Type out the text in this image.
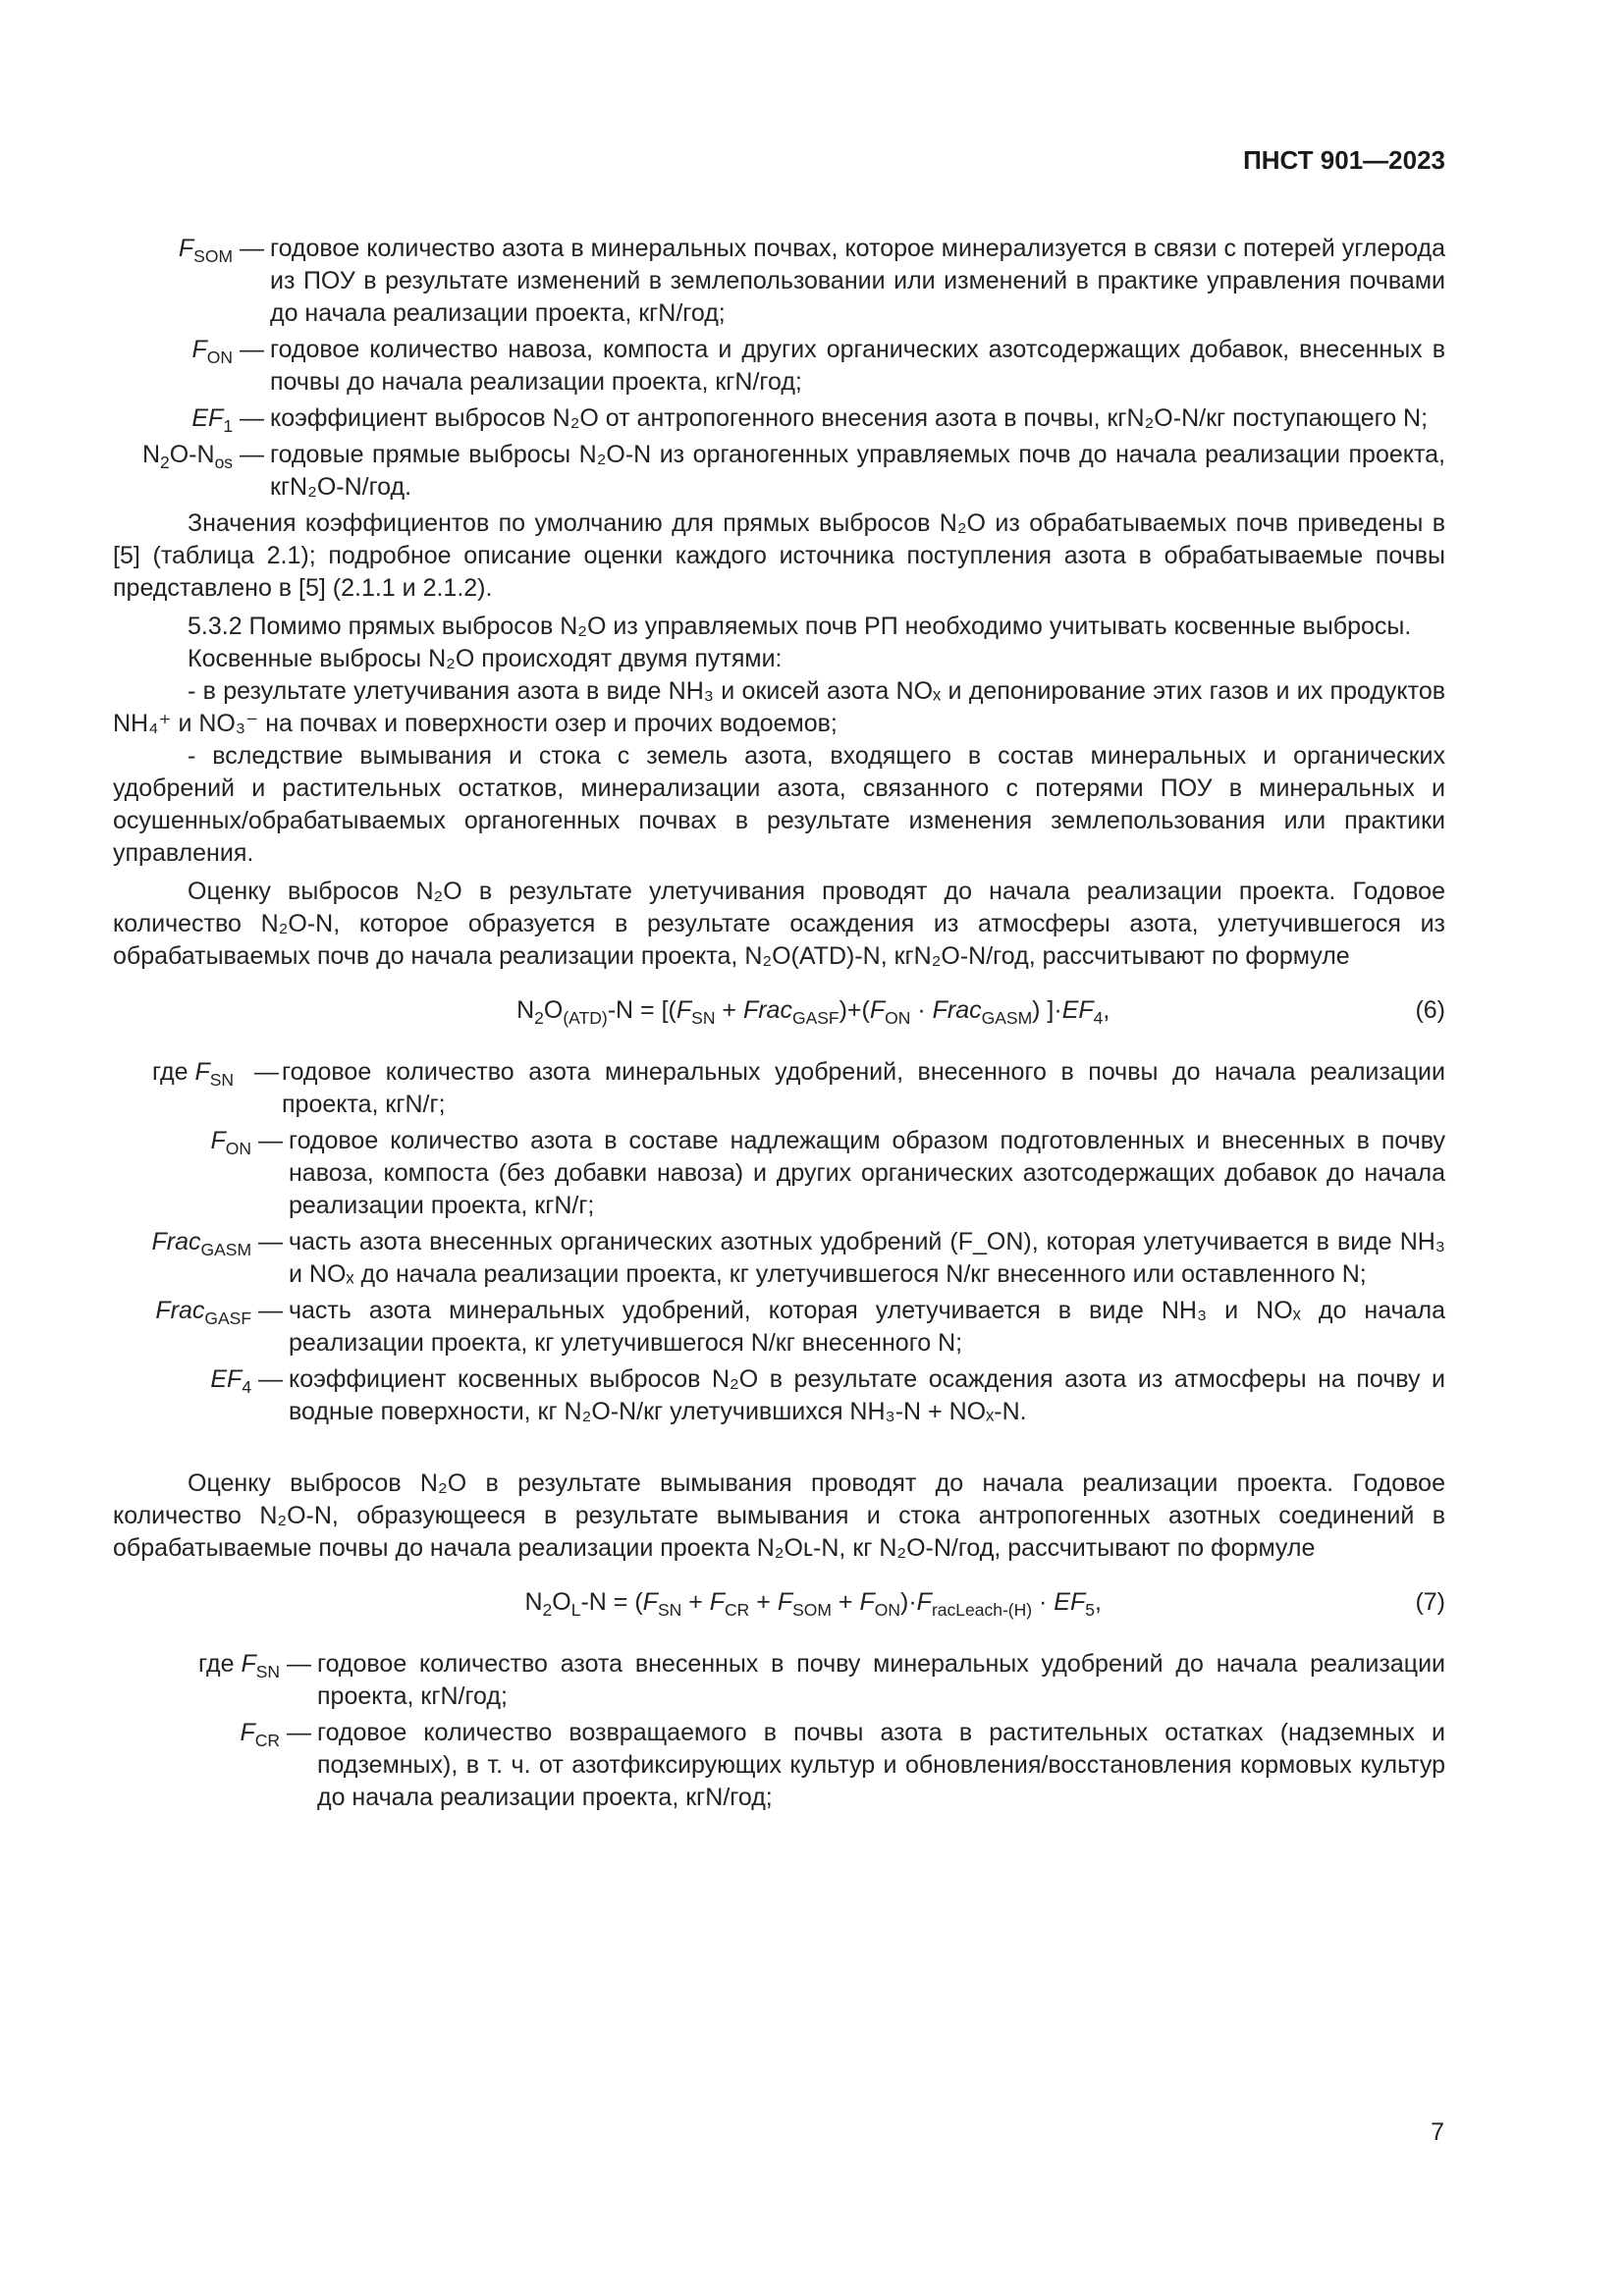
ПНСТ 901—2023
$F_{SOM}$ — годовое количество азота в минеральных почвах, которое минерализуется в связи с потерей углерода из ПОУ в результате изменений в землепользовании или изменений в практике управления почвами до начала реализации проекта, кгN/год;
$F_{ON}$ — годовое количество навоза, компоста и других органических азотсодержащих добавок, внесенных в почвы до начала реализации проекта, кгN/год;
$EF_1$ — коэффициент выбросов N₂O от антропогенного внесения азота в почвы, кгN₂O-N/кг поступающего N;
$N_2O-N_{os}$ — годовые прямые выбросы N₂O-N из органогенных управляемых почв до начала реализации проекта, кгN₂O-N/год.

Значения коэффициентов по умолчанию для прямых выбросов N₂O из обрабатываемых почв приведены в [5] (таблица 2.1); подробное описание оценки каждого источника поступления азота в обрабатываемые почвы представлено в [5] (2.1.1 и 2.1.2).

5.3.2 Помимо прямых выбросов N₂O из управляемых почв РП необходимо учитывать косвенные выбросы.

Косвенные выбросы N₂O происходят двумя путями:

- в результате улетучивания азота в виде NH₃ и окисей азота NOₓ и депонирование этих газов и их продуктов NH₄⁺ и NO₃⁻ на почвах и поверхности озер и прочих водоемов;

- вследствие вымывания и стока с земель азота, входящего в состав минеральных и органических удобрений и растительных остатков, минерализации азота, связанного с потерями ПОУ в минеральных и осушенных/обрабатываемых органогенных почвах в результате изменения землепользования или практики управления.

Оценку выбросов N₂O в результате улетучивания проводят до начала реализации проекта. Годовое количество N₂O-N, которое образуется в результате осаждения из атмосферы азота, улетучившегося из обрабатываемых почв до начала реализации проекта, N₂O(ATD)-N, кгN₂O-N/год, рассчитывают по формуле

$N_2O_{(ATD)}-N = [(F_{SN}$ + $Frac_{GASF})+(F_{ON}$ · Frac$_{GASM}$) ]$\cdot EF_4$,	(6)
где $F_{SN}$   — годовое количество азота минеральных удобрений, внесенного в почвы до начала реализации проекта, кгN/г;
$F_{ON}$ — годовое количество азота в составе надлежащим образом подготовленных и внесенных в почву навоза, компоста (без добавки навоза) и других органических азотсодержащих добавок до начала реализации проекта, кгN/г;
Frac$_{GASM}$ — часть азота внесенных органических азотных удобрений (F_ON), которая улетучивается в виде NH₃ и NOₓ до начала реализации проекта, кг улетучившегося N/кг внесенного или оставленного N;
Frac$_{GASF}$ — часть азота минеральных удобрений, которая улетучивается в виде NH₃ и NOₓ до начала реализации проекта, кг улетучившегося N/кг внесенного N;
$EF_4$ — коэффициент косвенных выбросов N₂O в результате осаждения азота из атмосферы на почву и водные поверхности, кг N₂O-N/кг улетучившихся NH₃-N + NOₓ-N.

Оценку выбросов N₂O в результате вымывания проводят до начала реализации проекта. Годовое количество N₂O-N, образующееся в результате вымывания и стока антропогенных азотных соединений в обрабатываемые почвы до начала реализации проекта N₂Oʟ-N, кг N₂O-N/год, рассчитывают по формуле

$N_2O_L-N = (F_{SN} + F_{CR} + F_{SOM} + F_{ON})\cdot F_{racLeach-(H)} \cdot EF_5$,	(7)
где $F_{SN}$ — годовое количество азота внесенных в почву минеральных удобрений до начала реализации проекта, кгN/год;
$F_{CR}$ — годовое количество возвращаемого в почвы азота в растительных остатках (надземных и подземных), в т. ч. от азотфиксирующих культур и обновления/восстановления кормовых культур до начала реализации проекта, кгN/год;
7
